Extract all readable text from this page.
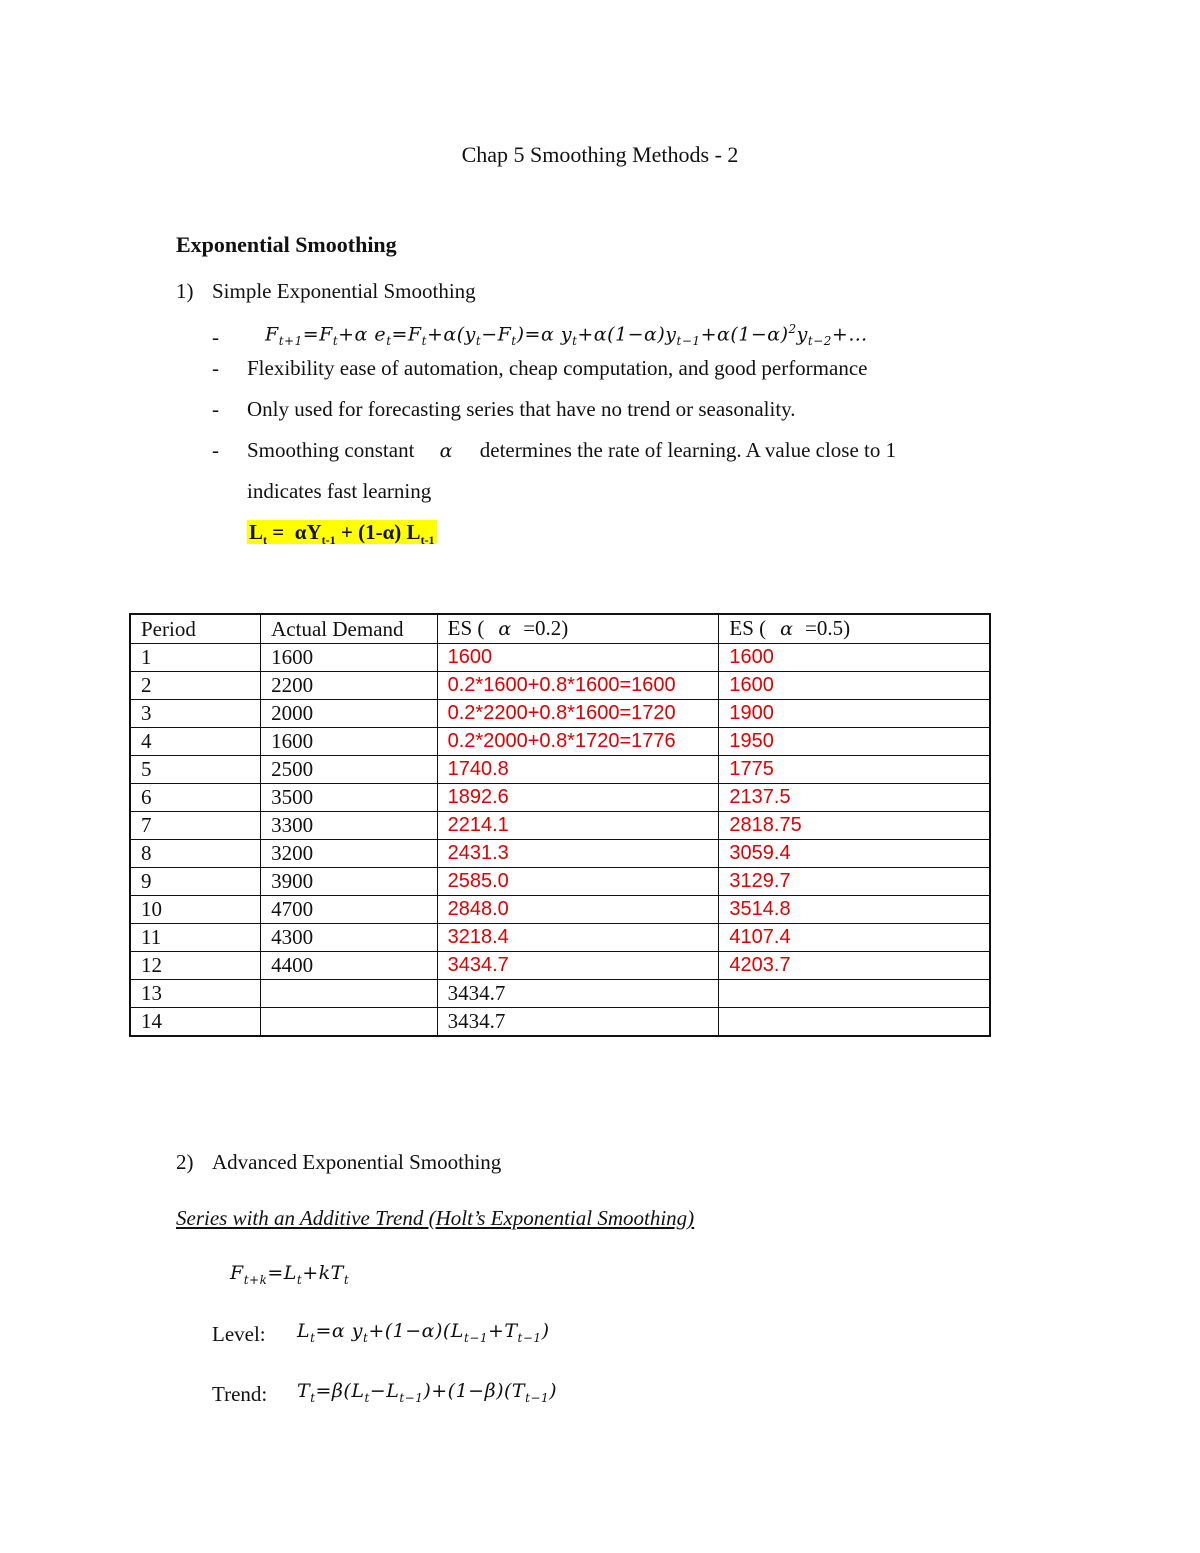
Chap 5 Smoothing Methods - 2
Exponential Smoothing
1) Simple Exponential Smoothing
- $F_{t+1}=F_t+\alpha$ $e_t=F_t+\alpha(y_t-F_t)=\alpha$ $y_t+\alpha(1-\alpha)y_{t-1}+\alpha(1-\alpha)^2y_{t-2}+\dots$
- Flexibility ease of automation, cheap computation, and good performance
- Only used for forecasting series that have no trend or seasonality.
- Smoothing constant α determines the rate of learning. A value close to 1
indicates fast learning
$L_t = \alpha Y_{t-1} + (1-\alpha)$ $L_{t-1}$
Period	Actual Demand	ES ( α =0.2)	ES ( α =0.5)
1	1600	1600	1600
2	2200	0.2*1600+0.8*1600=1600	1600
3	2000	0.2*2200+0.8*1600=1720	1900
4	1600	0.2*2000+0.8*1720=1776	1950
5	2500	1740.8	1775
6	3500	1892.6	2137.5
7	3300	2214.1	2818.75
8	3200	2431.3	3059.4
9	3900	2585.0	3129.7
10	4700	2848.0	3514.8
11	4300	3218.4	4107.4
12	4400	3434.7	4203.7
13		3434.7	
14		3434.7	
2) Advanced Exponential Smoothing
Series with an Additive Trend (Holt’s Exponential Smoothing)
$F_{t+k}=L_t+kT_t$
Level: $L_t=\alpha$ $y_t+(1-\alpha)(L_{t-1}+T_{t-1})$
Trend: $T_t=\beta(L_t-L_{t-1})+(1-\beta)(T_{t-1})$
